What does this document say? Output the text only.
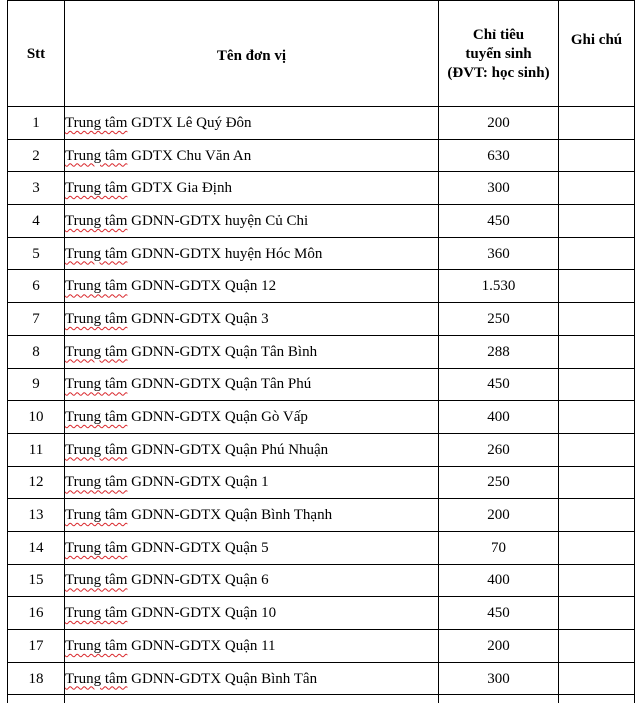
Stt	Tên đơn vị	Chỉ tiêu
tuyển sinh
(ĐVT: học sinh)	Ghi chú
1	Trung tâm GDTX Lê Quý Đôn	200	
2	Trung tâm GDTX Chu Văn An	630	
3	Trung tâm GDTX Gia Định	300	
4	Trung tâm GDNN-GDTX huyện Củ Chi	450	
5	Trung tâm GDNN-GDTX huyện Hóc Môn	360	
6	Trung tâm GDNN-GDTX Quận 12	1.530	
7	Trung tâm GDNN-GDTX Quận 3	250	
8	Trung tâm GDNN-GDTX Quận Tân Bình	288	
9	Trung tâm GDNN-GDTX Quận Tân Phú	450	
10	Trung tâm GDNN-GDTX Quận Gò Vấp	400	
11	Trung tâm GDNN-GDTX Quận Phú Nhuận	260	
12	Trung tâm GDNN-GDTX Quận 1	250	
13	Trung tâm GDNN-GDTX Quận Bình Thạnh	200	
14	Trung tâm GDNN-GDTX Quận 5	70	
15	Trung tâm GDNN-GDTX Quận 6	400	
16	Trung tâm GDNN-GDTX Quận 10	450	
17	Trung tâm GDNN-GDTX Quận 11	200	
18	Trung tâm GDNN-GDTX Quận Bình Tân	300	
